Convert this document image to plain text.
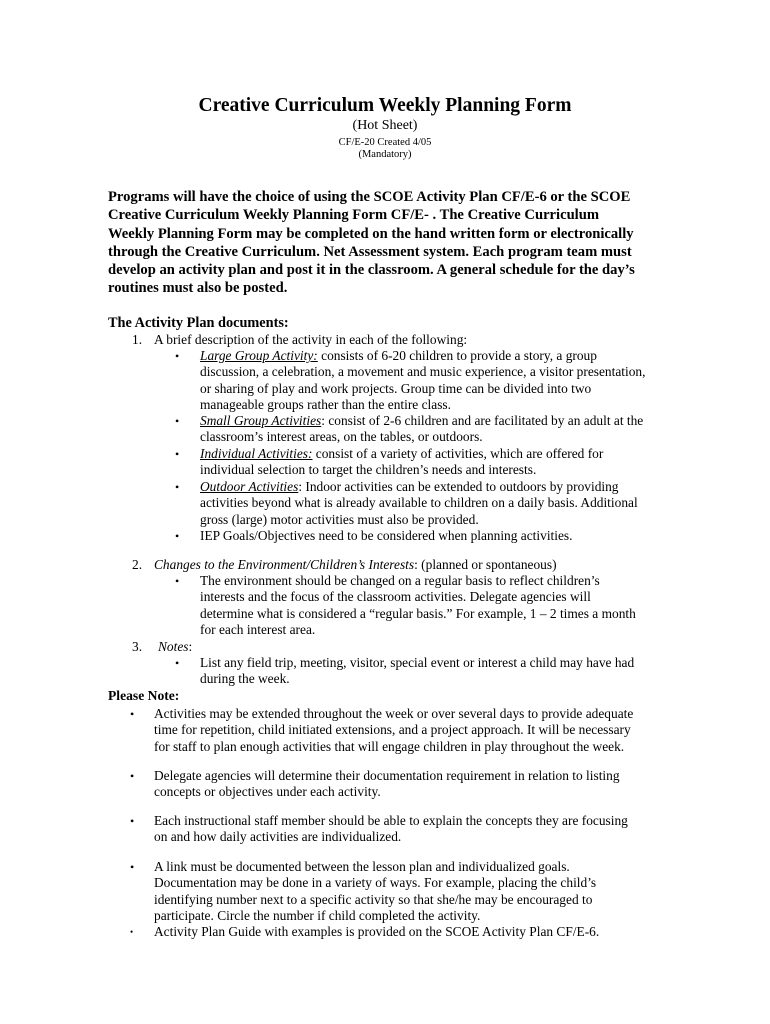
Creative Curriculum Weekly Planning Form
(Hot Sheet)
CF/E-20 Created 4/05
(Mandatory)
Programs will have the choice of using the SCOE Activity Plan CF/E-6 or the SCOE
Creative Curriculum Weekly Planning Form CF/E- . The Creative Curriculum
Weekly Planning Form may be completed on the hand written form or electronically
through the Creative Curriculum. Net Assessment system. Each program team must
develop an activity plan and post it in the classroom. A general schedule for the day’s
routines must also be posted.
The Activity Plan documents:
1. A brief description of the activity in each of the following:
• Large Group Activity: consists of 6-20 children to provide a story, a group
discussion, a celebration, a movement and music experience, a visitor presentation,
or sharing of play and work projects. Group time can be divided into two
manageable groups rather than the entire class.
• Small Group Activities: consist of 2-6 children and are facilitated by an adult at the
classroom’s interest areas, on the tables, or outdoors.
• Individual Activities: consist of a variety of activities, which are offered for
individual selection to target the children’s needs and interests.
• Outdoor Activities: Indoor activities can be extended to outdoors by providing
activities beyond what is already available to children on a daily basis. Additional
gross (large) motor activities must also be provided.
• IEP Goals/Objectives need to be considered when planning activities.
2. Changes to the Environment/Children’s Interests: (planned or spontaneous)
• The environment should be changed on a regular basis to reflect children’s
interests and the focus of the classroom activities. Delegate agencies will
determine what is considered a “regular basis.” For example, 1 – 2 times a month
for each interest area.
3. Notes:
• List any field trip, meeting, visitor, special event or interest a child may have had
during the week.
Please Note:
• Activities may be extended throughout the week or over several days to provide adequate
time for repetition, child initiated extensions, and a project approach. It will be necessary
for staff to plan enough activities that will engage children in play throughout the week.
• Delegate agencies will determine their documentation requirement in relation to listing
concepts or objectives under each activity.
• Each instructional staff member should be able to explain the concepts they are focusing
on and how daily activities are individualized.
• A link must be documented between the lesson plan and individualized goals.
Documentation may be done in a variety of ways. For example, placing the child’s
identifying number next to a specific activity so that she/he may be encouraged to
participate. Circle the number if child completed the activity.
• Activity Plan Guide with examples is provided on the SCOE Activity Plan CF/E-6.
